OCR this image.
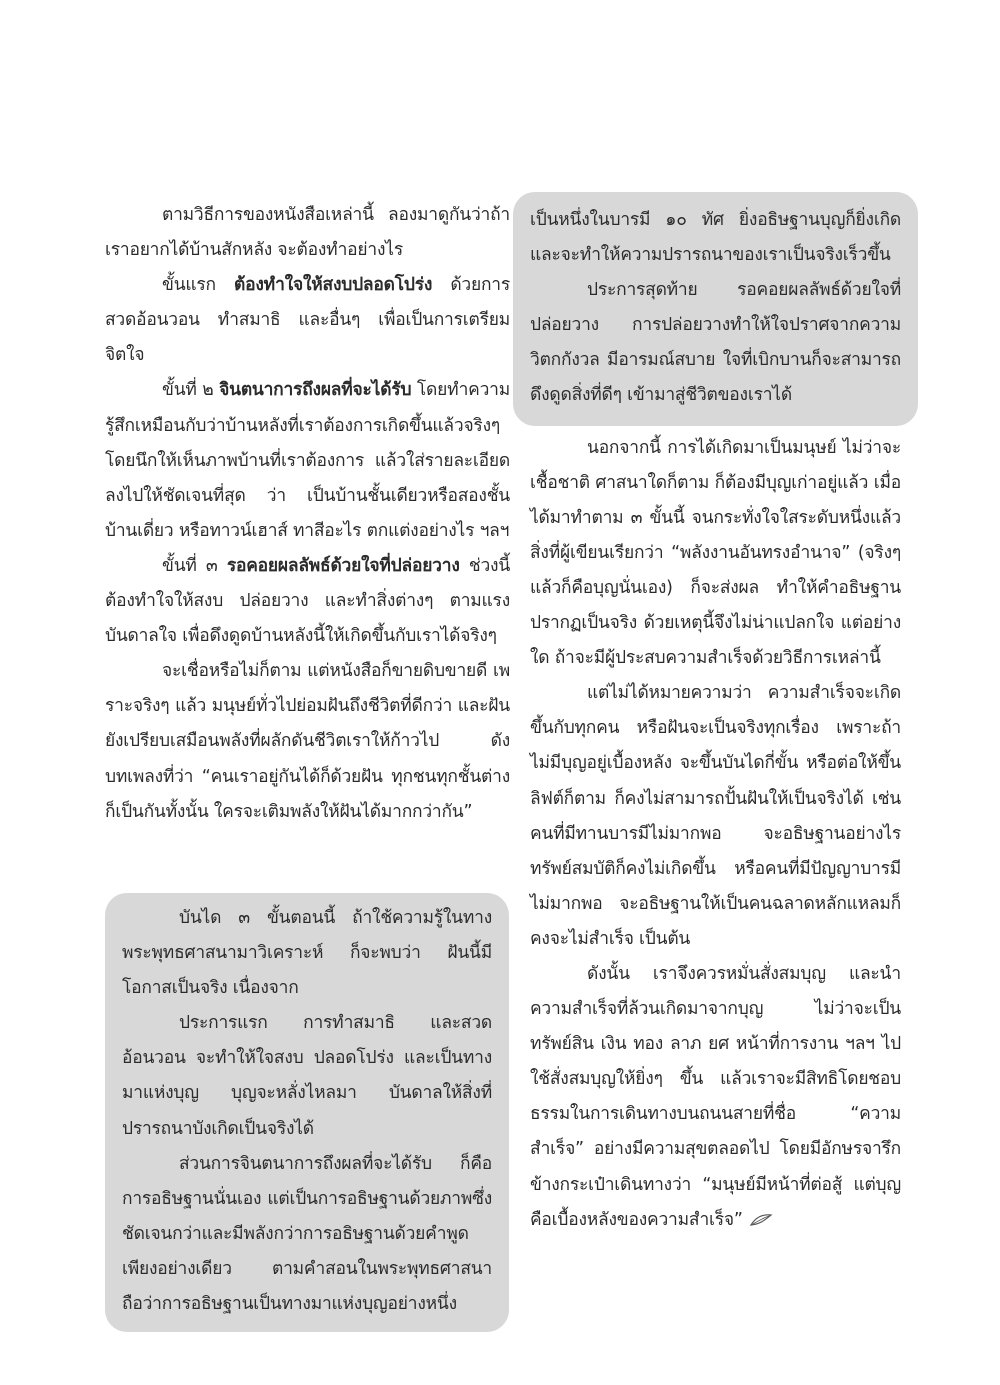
ตามวิธีการของหนังสือเหล่านี้ ลองมาดูกันว่าถ้าเราอยากได้บ้านสักหลัง จะต้องทำอย่างไร

ขั้นแรก ต้องทำใจให้สงบปลอดโปร่ง ด้วยการสวดอ้อนวอน ทำสมาธิ และอื่นๆ เพื่อเป็นการเตรียมจิตใจ

ขั้นที่ ๒ จินตนาการถึงผลที่จะได้รับ โดยทำความรู้สึกเหมือนกับว่าบ้านหลังที่เราต้องการเกิดขึ้นแล้วจริงๆ โดยนึกให้เห็นภาพบ้านที่เราต้องการ แล้วใส่รายละเอียดลงไปให้ชัดเจนที่สุด ว่า เป็นบ้านชั้นเดียวหรือสองชั้น บ้านเดี่ยว หรือทาวน์เฮาส์ ทาสีอะไร ตกแต่งอย่างไร ฯลฯ

ขั้นที่ ๓ รอคอยผลลัพธ์ด้วยใจที่ปล่อยวาง ช่วงนี้ต้องทำใจให้สงบ ปล่อยวาง และทำสิ่งต่างๆ ตามแรงบันดาลใจ เพื่อดึงดูดบ้านหลังนี้ให้เกิดขึ้นกับเราได้จริงๆ

จะเชื่อหรือไม่ก็ตาม แต่หนังสือก็ขายดิบขายดี เพราะจริงๆ แล้ว มนุษย์ทั่วไปย่อมฝันถึงชีวิตที่ดีกว่า และฝันยังเปรียบเสมือนพลังที่ผลักดันชีวิตเราให้ก้าวไป ดังบทเพลงที่ว่า “คนเราอยู่กันได้ก็ด้วยฝัน ทุกชนทุกชั้นต่างก็เป็นกันทั้งนั้น ใครจะเติมพลังให้ฝันได้มากกว่ากัน”

บันได ๓ ขั้นตอนนี้ ถ้าใช้ความรู้ในทางพระพุทธศาสนามาวิเคราะห์ ก็จะพบว่า ฝันนี้มีโอกาสเป็นจริง เนื่องจาก

ประการแรก การทำสมาธิ และสวดอ้อนวอน จะทำให้ใจสงบ ปลอดโปร่ง และเป็นทางมาแห่งบุญ บุญจะหลั่งไหลมา บันดาลให้สิ่งที่ปรารถนาบังเกิดเป็นจริงได้

ส่วนการจินตนาการถึงผลที่จะได้รับ ก็คือการอธิษฐานนั่นเอง แต่เป็นการอธิษฐานด้วยภาพซึ่งชัดเจนกว่าและมีพลังกว่าการอธิษฐานด้วยคำพูดเพียงอย่างเดียว ตามคำสอนในพระพุทธศาสนาถือว่าการอธิษฐานเป็นทางมาแห่งบุญอย่างหนึ่ง

เป็นหนึ่งในบารมี ๑๐ ทัศ ยิ่งอธิษฐานบุญก็ยิ่งเกิดและจะทำให้ความปรารถนาของเราเป็นจริงเร็วขึ้น

ประการสุดท้าย รอคอยผลลัพธ์ด้วยใจที่ปล่อยวาง การปล่อยวางทำให้ใจปราศจากความวิตกกังวล มีอารมณ์สบาย ใจที่เบิกบานก็จะสามารถดึงดูดสิ่งที่ดีๆ เข้ามาสู่ชีวิตของเราได้

นอกจากนี้ การได้เกิดมาเป็นมนุษย์ ไม่ว่าจะเชื้อชาติ ศาสนาใดก็ตาม ก็ต้องมีบุญเก่าอยู่แล้ว เมื่อได้มาทำตาม ๓ ขั้นนี้ จนกระทั่งใจใสระดับหนึ่งแล้ว สิ่งที่ผู้เขียนเรียกว่า “พลังงานอันทรงอำนาจ” (จริงๆ แล้วก็คือบุญนั่นเอง) ก็จะส่งผล ทำให้คำอธิษฐานปรากฏเป็นจริง ด้วยเหตุนี้จึงไม่น่าแปลกใจ แต่อย่างใด ถ้าจะมีผู้ประสบความสำเร็จด้วยวิธีการเหล่านี้

แต่ไม่ได้หมายความว่า ความสำเร็จจะเกิดขึ้นกับทุกคน หรือฝันจะเป็นจริงทุกเรื่อง เพราะถ้าไม่มีบุญอยู่เบื้องหลัง จะขึ้นบันไดกี่ขั้น หรือต่อให้ขึ้นลิฟต์ก็ตาม ก็คงไม่สามารถปั้นฝันให้เป็นจริงได้ เช่น คนที่มีทานบารมีไม่มากพอ จะอธิษฐานอย่างไรทรัพย์สมบัติก็คงไม่เกิดขึ้น หรือคนที่มีปัญญาบารมีไม่มากพอ จะอธิษฐานให้เป็นคนฉลาดหลักแหลมก็คงจะไม่สำเร็จ เป็นต้น

ดังนั้น เราจึงควรหมั่นสั่งสมบุญ และนำความสำเร็จที่ล้วนเกิดมาจากบุญ ไม่ว่าจะเป็นทรัพย์สิน เงิน ทอง ลาภ ยศ หน้าที่การงาน ฯลฯ ไปใช้สั่งสมบุญให้ยิ่งๆ ขึ้น แล้วเราจะมีสิทธิโดยชอบธรรมในการเดินทางบนถนนสายที่ชื่อ “ความสำเร็จ” อย่างมีความสุขตลอดไป โดยมีอักษรจารึกข้างกระเป๋าเดินทางว่า “มนุษย์มีหน้าที่ต่อสู้ แต่บุญคือเบื้องหลังของความสำเร็จ”
